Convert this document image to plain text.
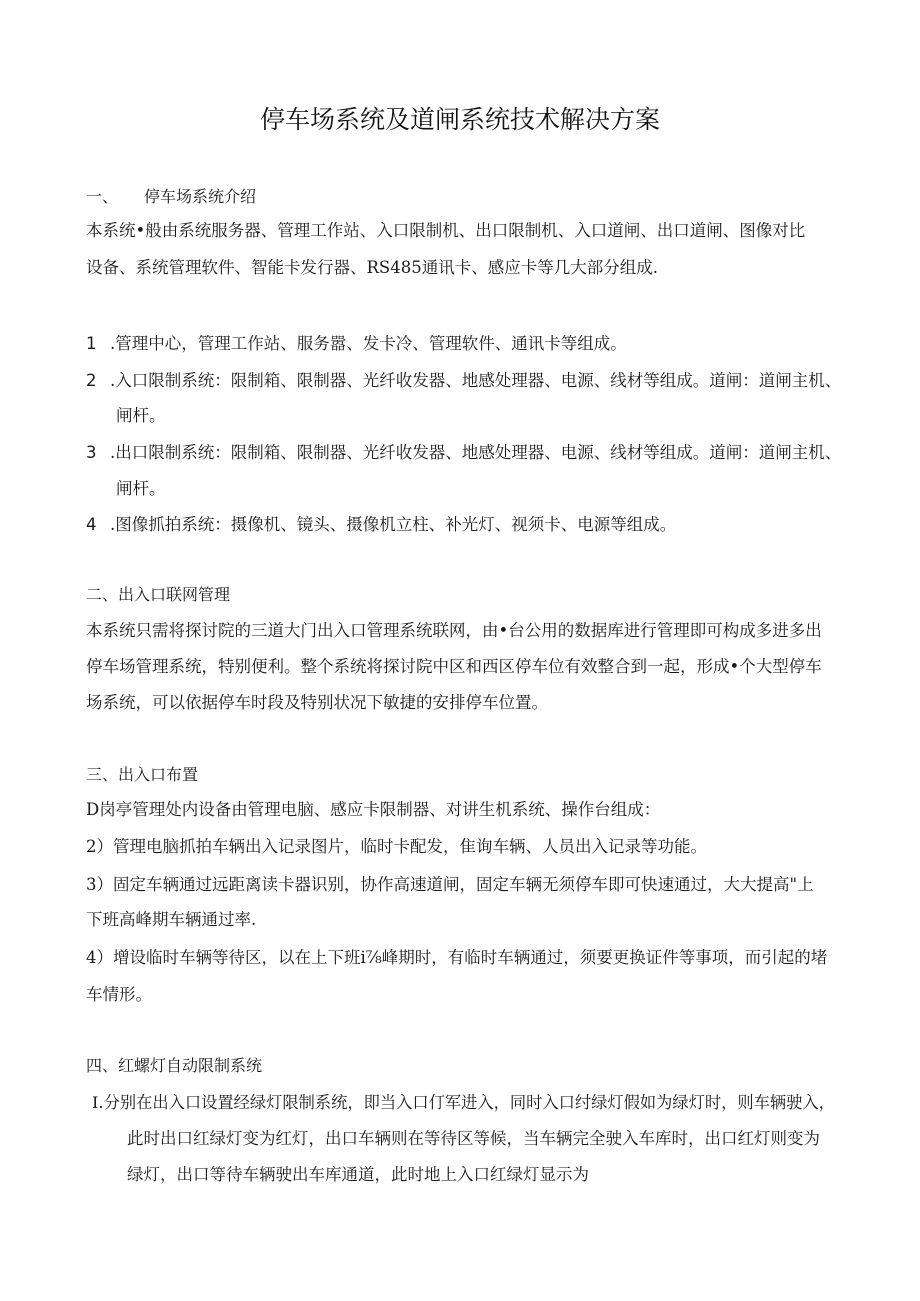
停车场系统及道闸系统技术解决方案
一、 停车场系统介绍
本系统•般由系统服务器、管理工作站、入口限制机、出口限制机、入口道闸、出口道闸、图像对比
设备、系统管理软件、智能卡发行器、RS485通讯卡、感应卡等几大部分组成.
1 .管理中心，管理工作站、服务嚣、发卡冷、管理软件、通讯卡等组成。
2 .入口限制系统：限制箱、限制器、光纤收发器、地感处理器、电源、线材等组成。道闸：道闸主机、
闸杆。
3 .出口限制系统：限制箱、限制器、光纤收发器、地感处理器、电源、线材等组成。道闸：道闸主机、
闸杆。
4 .图像抓拍系统：摄像机、镜头、摄像机立柱、补光灯、视须卡、电源等组成。
二、出入口联网管理
本系统只需将探讨院的三道大门出入口管理系统联网，由•台公用的数据库进行管理即可构成多进多出
停车场管理系统，特别便利。整个系统将探讨院中区和西区停车位有效整合到一起，形成•个大型停车
场系统，可以依据停车时段及特别状况下敏捷的安排停车位置。
三、出入口布置
D岗亭管理处内设备由管理电脑、感应卡限制器、对讲生机系统、操作台组成：
2）管理电脑抓拍车辆出入记录图片，临时卡配发，隹询车辆、人员出入记录等功能。
3）固定车辆通过远距离读卡器识别，协作高速道闸，固定车辆无须停车即可快速通过，大大提高"上
下班高峰期车辆通过率.
4）增设临时车辆等待区，以在上下班i⅞峰期时，有临时车辆通过，须要更换证件等事项，而引起的堵
车情形。
四、红螺灯自动限制系统
I.分别在出入口设置经绿灯限制系统，即当入口仃军进入，同时入口纣绿灯假如为绿灯时，则车辆驶入，
此时出口红绿灯变为红灯，出口车辆则在等待区等候，当车辆完全驶入车库时，出口红灯则变为
绿灯，出口等待车辆驶出车库通道，此时地上入口红绿灯显示为
